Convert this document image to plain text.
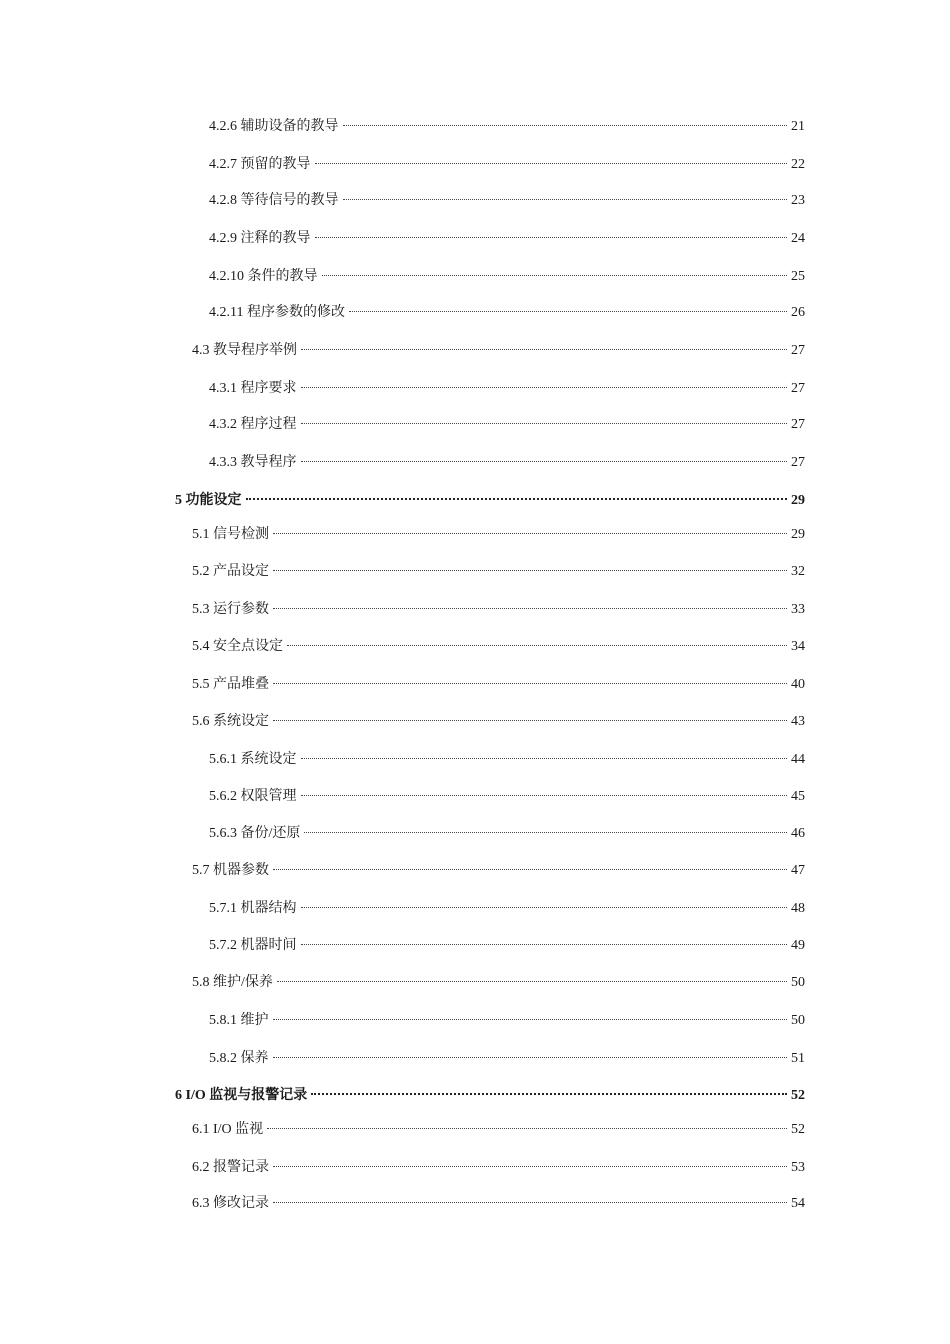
4.2.6 辅助设备的教导	21
4.2.7 预留的教导	22
4.2.8 等待信号的教导	23
4.2.9 注释的教导	24
4.2.10 条件的教导	25
4.2.11 程序参数的修改	26
4.3 教导程序举例	27
4.3.1 程序要求	27
4.3.2 程序过程	27
4.3.3 教导程序	27
5 功能设定	29
5.1 信号检测	29
5.2 产品设定	32
5.3 运行参数	33
5.4 安全点设定	34
5.5 产品堆叠	40
5.6 系统设定	43
5.6.1 系统设定	44
5.6.2 权限管理	45
5.6.3 备份/还原	46
5.7 机器参数	47
5.7.1 机器结构	48
5.7.2 机器时间	49
5.8 维护/保养	50
5.8.1 维护	50
5.8.2 保养	51
6 I/O 监视与报警记录	52
6.1 I/O 监视	52
6.2 报警记录	53
6.3 修改记录	54
